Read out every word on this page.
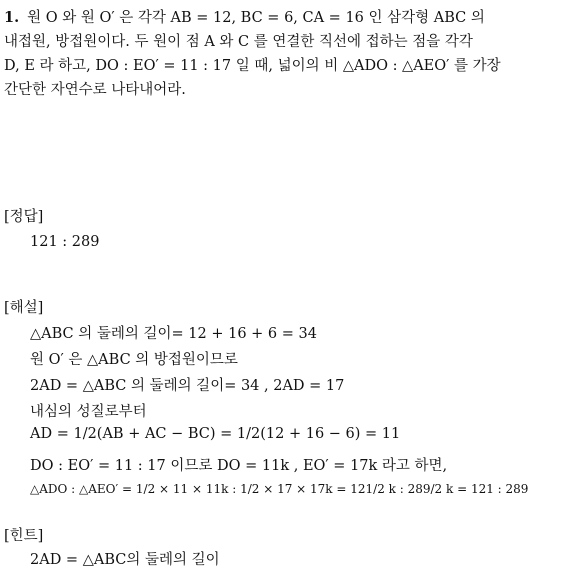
1. 원 O 와 원 O′ 은 각각 AB = 12, BC = 6, CA = 16 인 삼각형 ABC 의
내접원, 방접원이다. 두 원이 점 A 와 C 를 연결한 직선에 접하는 점을 각각
D, E 라 하고, DO : EO′ = 11 : 17 일 때, 넓이의 비 △ADO : △AEO′ 를 가장
간단한 자연수로 나타내어라.
[정답]
121 : 289
[해설]
△ABC 의 둘레의 길이= 12 + 16 + 6 = 34
원 O′ 은 △ABC 의 방접원이므로
2AD = △ABC 의 둘레의 길이= 34 , 2AD = 17
내심의 성질로부터
AD = 1/2(AB + AC − BC) = 1/2(12 + 16 − 6) = 11
DO : EO′ = 11 : 17 이므로 DO = 11k , EO′ = 17k 라고 하면,
△ADO : △AEO′ = 1/2 × 11 × 11k : 1/2 × 17 × 17k = 121/2 k : 289/2 k = 121 : 289
[힌트]
2AD = △ABC의 둘레의 길이
